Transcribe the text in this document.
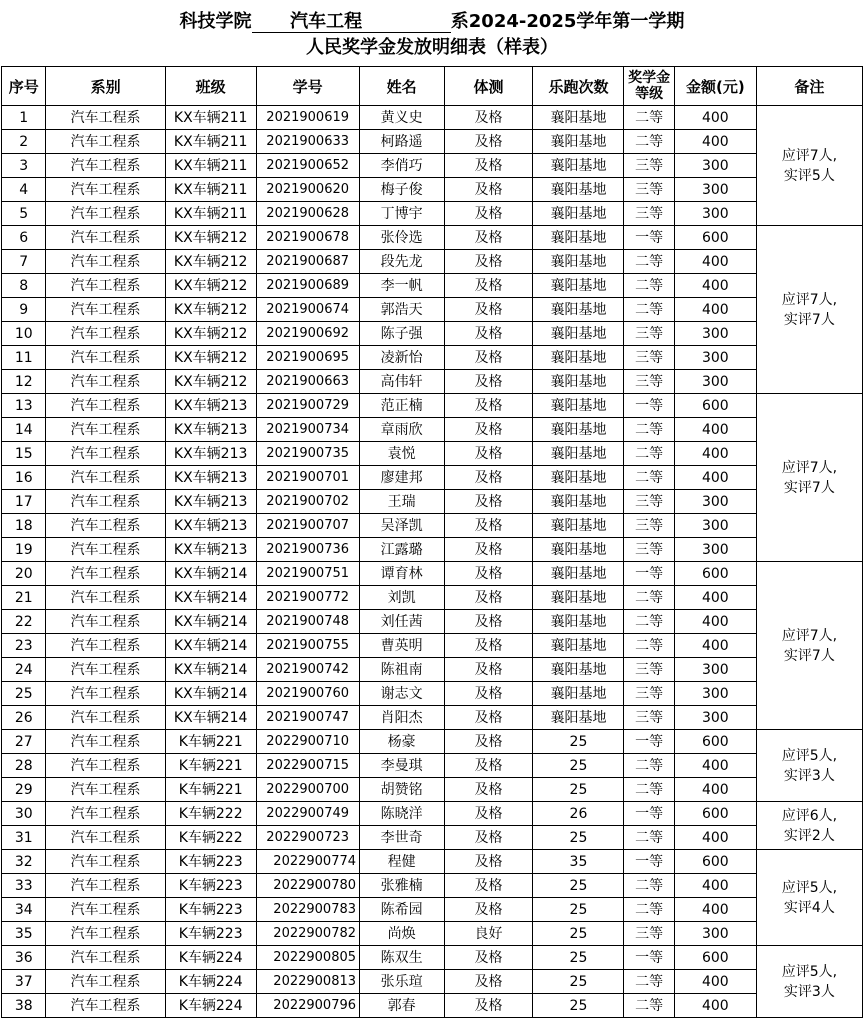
科技学院 汽车工程	系2024-2025学年第一学期
人民奖学金发放明细表（样表）
序号	系别	班级	学号	姓名	体测	乐跑次数	奖学金等级	金额(元)	备注
1	汽车工程系	KX车辆211	2021900619	黄义史	及格	襄阳基地	二等	400	应评7人,
实评5人

2	汽车工程系	KX车辆211	2021900633	柯路遥	及格	襄阳基地	二等	400	
3	汽车工程系	KX车辆211	2021900652	李俏巧	及格	襄阳基地	三等	300	
4	汽车工程系	KX车辆211	2021900620	梅子俊	及格	襄阳基地	三等	300	
5	汽车工程系	KX车辆211	2021900628	丁博宇	及格	襄阳基地	三等	300	
6	汽车工程系	KX车辆212	2021900678	张伶选	及格	襄阳基地	一等	600	应评7人,
实评7人

7	汽车工程系	KX车辆212	2021900687	段先龙	及格	襄阳基地	二等	400	
8	汽车工程系	KX车辆212	2021900689	李一帆	及格	襄阳基地	二等	400	
9	汽车工程系	KX车辆212	2021900674	郭浩天	及格	襄阳基地	二等	400	
10	汽车工程系	KX车辆212	2021900692	陈子强	及格	襄阳基地	三等	300	
11	汽车工程系	KX车辆212	2021900695	凌新怡	及格	襄阳基地	三等	300	
12	汽车工程系	KX车辆212	2021900663	高伟轩	及格	襄阳基地	三等	300	
13	汽车工程系	KX车辆213	2021900729	范正楠	及格	襄阳基地	一等	600	应评7人,
实评7人

14	汽车工程系	KX车辆213	2021900734	章雨欣	及格	襄阳基地	二等	400	
15	汽车工程系	KX车辆213	2021900735	袁悦	及格	襄阳基地	二等	400	
16	汽车工程系	KX车辆213	2021900701	廖建邦	及格	襄阳基地	二等	400	
17	汽车工程系	KX车辆213	2021900702	王瑞	及格	襄阳基地	三等	300	
18	汽车工程系	KX车辆213	2021900707	吴泽凯	及格	襄阳基地	三等	300	
19	汽车工程系	KX车辆213	2021900736	江露璐	及格	襄阳基地	三等	300	
20	汽车工程系	KX车辆214	2021900751	谭育林	及格	襄阳基地	一等	600	应评7人,
实评7人

21	汽车工程系	KX车辆214	2021900772	刘凯	及格	襄阳基地	二等	400	
22	汽车工程系	KX车辆214	2021900748	刘任茜	及格	襄阳基地	二等	400	
23	汽车工程系	KX车辆214	2021900755	曹英明	及格	襄阳基地	二等	400	
24	汽车工程系	KX车辆214	2021900742	陈祖南	及格	襄阳基地	三等	300	
25	汽车工程系	KX车辆214	2021900760	谢志文	及格	襄阳基地	三等	300	
26	汽车工程系	KX车辆214	2021900747	肖阳杰	及格	襄阳基地	三等	300	
27	汽车工程系	K车辆221	2022900710	杨豪	及格	25	一等	600	应评5人,
实评3人

28	汽车工程系	K车辆221	2022900715	李曼琪	及格	25	二等	400	
29	汽车工程系	K车辆221	2022900700	胡赞铭	及格	25	二等	400	
30	汽车工程系	K车辆222	2022900749	陈晓洋	及格	26	一等	600	应评6人,
实评2人

31	汽车工程系	K车辆222	2022900723	李世奇	及格	25	二等	400	
32	汽车工程系	K车辆223	2022900774	程健	及格	35	一等	600	应评5人,
实评4人

33	汽车工程系	K车辆223	2022900780	张雅楠	及格	25	二等	400	
34	汽车工程系	K车辆223	2022900783	陈希园	及格	25	二等	400	
35	汽车工程系	K车辆223	2022900782	尚焕	良好	25	三等	300	
36	汽车工程系	K车辆224	2022900805	陈双生	及格	25	一等	600	应评5人,
实评3人

37	汽车工程系	K车辆224	2022900813	张乐瑄	及格	25	二等	400	
38	汽车工程系	K车辆224	2022900796	郭春	及格	25	二等	400	
